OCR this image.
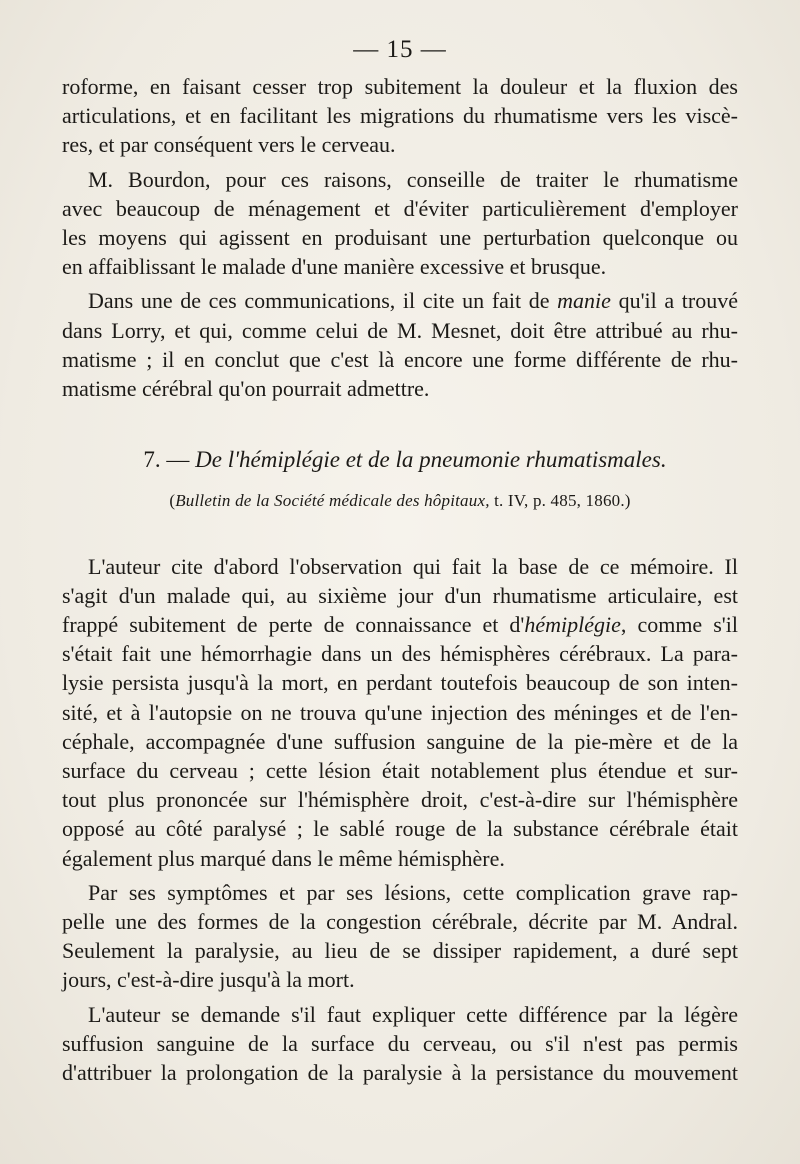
— 15 —

roforme, en faisant cesser trop subitement la douleur et la fluxion des

articulations, et en facilitant les migrations du rhumatisme vers les viscè-

res, et par conséquent vers le cerveau.

M. Bourdon, pour ces raisons, conseille de traiter le rhumatisme

avec beaucoup de ménagement et d'éviter particulièrement d'employer

les moyens qui agissent en produisant une perturbation quelconque ou

en affaiblissant le malade d'une manière excessive et brusque.

Dans une de ces communications, il cite un fait de manie qu'il a trouvé

dans Lorry, et qui, comme celui de M. Mesnet, doit être attribué au rhu-

matisme ; il en conclut que c'est là encore une forme différente de rhu-

matisme cérébral qu'on pourrait admettre.

7. — De l'hémiplégie et de la pneumonie rhumatismales.

(Bulletin de la Société médicale des hôpitaux, t. IV, p. 485, 1860.)

L'auteur cite d'abord l'observation qui fait la base de ce mémoire. Il

s'agit d'un malade qui, au sixième jour d'un rhumatisme articulaire, est

frappé subitement de perte de connaissance et d'hémiplégie, comme s'il

s'était fait une hémorrhagie dans un des hémisphères cérébraux. La para-

lysie persista jusqu'à la mort, en perdant toutefois beaucoup de son inten-

sité, et à l'autopsie on ne trouva qu'une injection des méninges et de l'en-

céphale, accompagnée d'une suffusion sanguine de la pie-mère et de la

surface du cerveau ; cette lésion était notablement plus étendue et sur-

tout plus prononcée sur l'hémisphère droit, c'est-à-dire sur l'hémisphère

opposé au côté paralysé ; le sablé rouge de la substance cérébrale était

également plus marqué dans le même hémisphère.

Par ses symptômes et par ses lésions, cette complication grave rap-

pelle une des formes de la congestion cérébrale, décrite par M. Andral.

Seulement la paralysie, au lieu de se dissiper rapidement, a duré sept

jours, c'est-à-dire jusqu'à la mort.

L'auteur se demande s'il faut expliquer cette différence par la légère

suffusion sanguine de la surface du cerveau, ou s'il n'est pas permis

d'attribuer la prolongation de la paralysie à la persistance du mouvement
